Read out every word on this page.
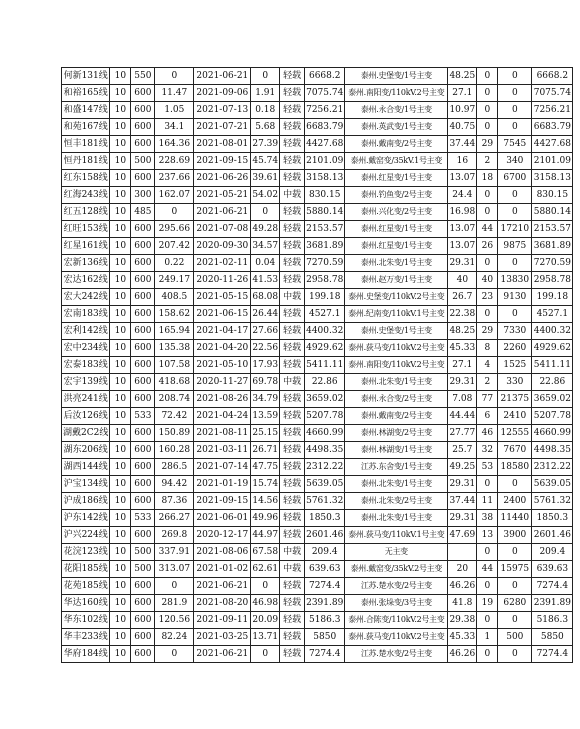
何新131线	10	550	0	2021-06-21	0	轻载	6668.2	泰州.史堡变/1号主变	48.25	0	0	6668.2
和裕165线	10	600	11.47	2021-09-06	1.91	轻载	7075.74	泰州.南阳变/110kV.2号主变	27.1	0	0	7075.74
和盛147线	10	600	1.05	2021-07-13	0.18	轻载	7256.21	泰州.永合变/1号主变	10.97	0	0	7256.21
和苑167线	10	600	34.1	2021-07-21	5.68	轻载	6683.79	泰州.英武变/1号主变	40.75	0	0	6683.79
恒丰181线	10	600	164.36	2021-08-01	27.39	轻载	4427.68	泰州.戴南变/2号主变	37.44	29	7545	4427.68
恒丹181线	10	500	228.69	2021-09-15	45.74	轻载	2101.09	泰州.戴窑变/35kV.1号主变	16	2	340	2101.09
红东158线	10	600	237.66	2021-06-26	39.61	轻载	3158.13	泰州.红星变/1号主变	13.07	18	6700	3158.13
红海243线	10	300	162.07	2021-05-21	54.02	中载	830.15	泰州.钓鱼变/2号主变	24.4	0	0	830.15
红五128线	10	485	0	2021-06-21	0	轻载	5880.14	泰州.兴化变/2号主变	16.98	0	0	5880.14
红旺153线	10	600	295.66	2021-07-08	49.28	轻载	2153.57	泰州.红星变/1号主变	13.07	44	17210	2153.57
红星161线	10	600	207.42	2020-09-30	34.57	轻载	3681.89	泰州.红星变/1号主变	13.07	26	9875	3681.89
宏新136线	10	600	0.22	2021-02-11	0.04	轻载	7270.59	泰州.北朱变/1号主变	29.31	0	0	7270.59
宏达162线	10	600	249.17	2020-11-26	41.53	轻载	2958.78	泰州.赵万变/1号主变	40	40	13830	2958.78
宏大242线	10	600	408.5	2021-05-15	68.08	中载	199.18	泰州.史堡变/110kV.2号主变	26.7	23	9130	199.18
宏南183线	10	600	158.62	2021-06-15	26.44	轻载	4527.1	泰州.纪南变/110kV.1号主变	22.38	0	0	4527.1
宏利142线	10	600	165.94	2021-04-17	27.66	轻载	4400.32	泰州.史堡变/1号主变	48.25	29	7330	4400.32
宏中234线	10	600	135.38	2021-04-20	22.56	轻载	4929.62	泰州.荻马变/110kV.2号主变	45.33	8	2260	4929.62
宏泰183线	10	600	107.58	2021-05-10	17.93	轻载	5411.11	泰州.南阳变/110kV.2号主变	27.1	4	1525	5411.11
宏宇139线	10	600	418.68	2020-11-27	69.78	中载	22.86	泰州.北朱变/1号主变	29.31	2	330	22.86
洪亮241线	10	600	208.74	2021-08-26	34.79	轻载	3659.02	泰州.永合变/2号主变	7.08	77	21375	3659.02
后汝126线	10	533	72.42	2021-04-24	13.59	轻载	5207.78	泰州.戴南变/2号主变	44.44	6	2410	5207.78
湖戴2C2线	10	600	150.89	2021-08-11	25.15	轻载	4660.99	泰州.林湖变/2号主变	27.77	46	12555	4660.99
湖东206线	10	600	160.28	2021-03-11	26.71	轻载	4498.35	泰州.林湖变/1号主变	25.7	32	7670	4498.35
湖西144线	10	600	286.5	2021-07-14	47.75	轻载	2312.22	江苏.东舍变/1号主变	49.25	53	18580	2312.22
沪宝134线	10	600	94.42	2021-01-19	15.74	轻载	5639.05	泰州.北朱变/1号主变	29.31	0	0	5639.05
沪成186线	10	600	87.36	2021-09-15	14.56	轻载	5761.32	泰州.北朱变/2号主变	37.44	11	2400	5761.32
沪东142线	10	533	266.27	2021-06-01	49.96	轻载	1850.3	泰州.北朱变/1号主变	29.31	38	11440	1850.3
沪兴224线	10	600	269.8	2020-12-17	44.97	轻载	2601.46	泰州.荻马变/110kV.1号主变	47.69	13	3900	2601.46
花浣123线	10	500	337.91	2021-08-06	67.58	中载	209.4	无主变		0	0	209.4
花阳185线	10	500	313.07	2021-01-02	62.61	中载	639.63	泰州.戴窑变/35kV.2号主变	20	44	15975	639.63
花苑185线	10	600	0	2021-06-21	0	轻载	7274.4	江苏.楚水变/2号主变	46.26	0	0	7274.4
华达160线	10	600	281.9	2021-08-20	46.98	轻载	2391.89	泰州.张垛变/3号主变	41.8	19	6280	2391.89
华东102线	10	600	120.56	2021-09-11	20.09	轻载	5186.3	泰州.合陈变/110kV.2号主变	29.38	0	0	5186.3
华丰233线	10	600	82.24	2021-03-25	13.71	轻载	5850	泰州.荻马变/110kV.2号主变	45.33	1	500	5850
华府184线	10	600	0	2021-06-21	0	轻载	7274.4	江苏.楚水变/2号主变	46.26	0	0	7274.4
